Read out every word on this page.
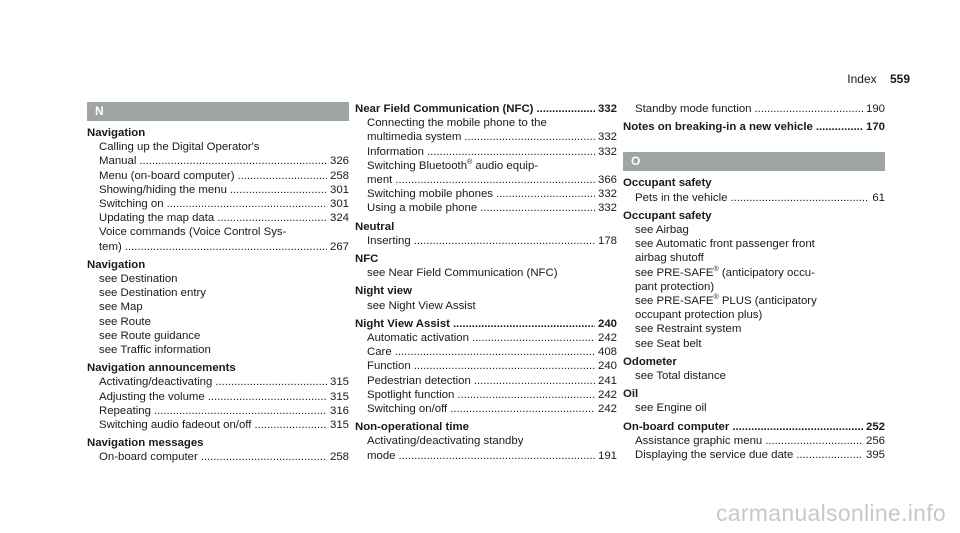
Index 559
N
Navigation
Calling up the Digital Operator's
Manual . . .	326
Menu (on-board computer) . . .	258
Showing/hiding the menu . . .	301
Switching on . . .	301
Updating the map data . . .	324
Voice commands (Voice Control Sys-
tem) . . .	267
Navigation
see Destination
see Destination entry
see Map
see Route
see Route guidance
see Traffic information
Navigation announcements
Activating/deactivating . . .	315
Adjusting the volume . . .	315
Repeating . . .	316
Switching audio fadeout on/off . . .	315
Navigation messages
On-board computer . . .	258
Near Field Communication (NFC) . . .	332
Connecting the mobile phone to the
multimedia system . . .	332
Information . . .	332
Switching Bluetooth® audio equip-
ment . . .	366
Switching mobile phones . . .	332
Using a mobile phone . . .	332
Neutral
Inserting . . .	178
NFC
see Near Field Communication (NFC)
Night view
see Night View Assist
Night View Assist . . .	240
Automatic activation . . .	242
Care . . .	408
Function . . .	240
Pedestrian detection . . .	241
Spotlight function . . .	242
Switching on/off . . .	242
Non-operational time
Activating/deactivating standby
mode . . .	191
Standby mode function . . .	190
Notes on breaking-in a new vehicle . . .	170
O
Occupant safety
Pets in the vehicle . . .	61
Occupant safety
see Airbag
see Automatic front passenger front
airbag shutoff
see PRE-SAFE® (anticipatory occu-
pant protection)
see PRE-SAFE® PLUS (anticipatory
occupant protection plus)
see Restraint system
see Seat belt
Odometer
see Total distance
Oil
see Engine oil
On-board computer . . .	252
Assistance graphic menu . . .	256
Displaying the service due date . . .	395
carmanualsonline.info
